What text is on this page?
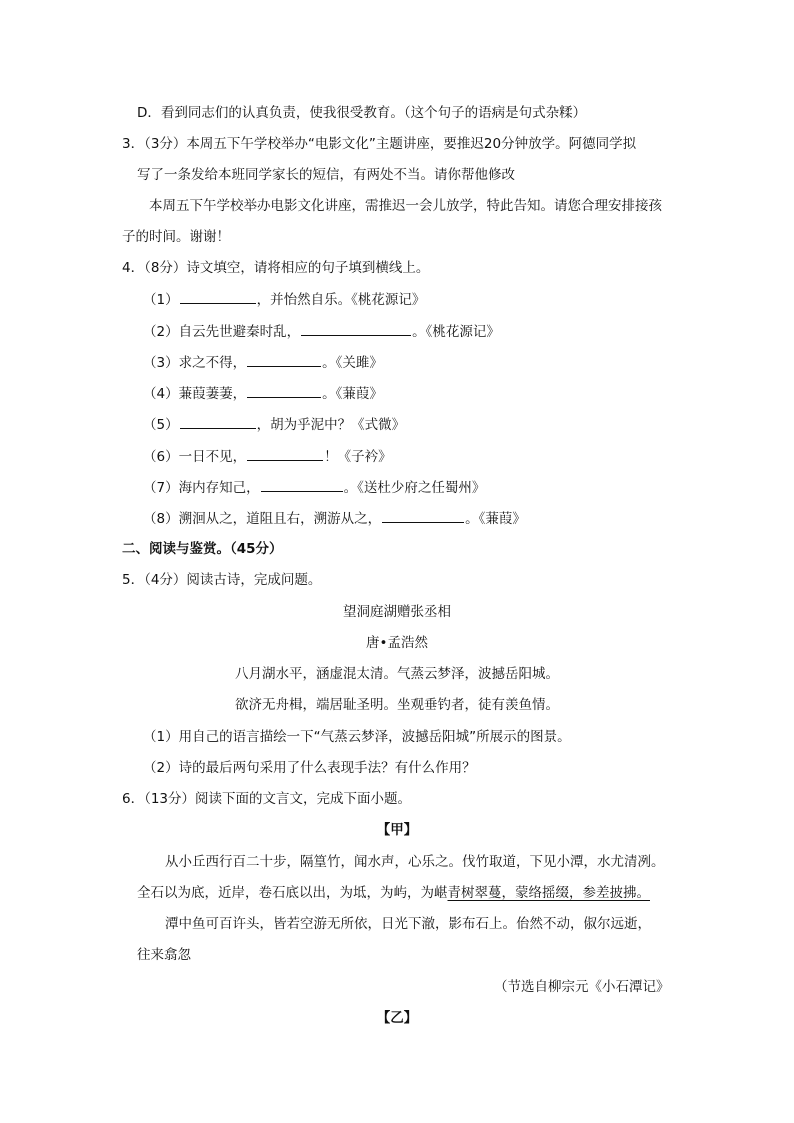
D．看到同志们的认真负责，使我很受教育。（这个句子的语病是句式杂糅）
3．（3分）本周五下午学校举办“电影文化”主题讲座，要推迟20分钟放学。阿德同学拟
写了一条发给本班同学家长的短信，有两处不当。请你帮他修改
本周五下午学校举办电影文化讲座，需推迟一会儿放学，特此告知。请您合理安排接孩
子的时间。谢谢！
4．（8分）诗文填空，请将相应的句子填到横线上。
（1）	，并怡然自乐。《桃花源记》
（2）自云先世避秦时乱，	。《桃花源记》
（3）求之不得，	。《关雎》
（4）蒹葭萋萋，	。《蒹葭》
（5）	，胡为乎泥中？《式微》
（6）一日不见，	！《子衿》
（7）海内存知己，	。《送杜少府之任蜀州》
（8）溯洄从之，道阻且右，溯游从之，	。《蒹葭》
二、阅读与鉴赏。（45分）
5．（4分）阅读古诗，完成问题。
望洞庭湖赠张丞相
唐•孟浩然
八月湖水平，涵虚混太清。气蒸云梦泽，波撼岳阳城。
欲济无舟楫，端居耻圣明。坐观垂钓者，徒有羡鱼情。
（1）用自己的语言描绘一下“气蒸云梦泽，波撼岳阳城”所展示的图景。
（2）诗的最后两句采用了什么表现手法？有什么作用？
6．（13分）阅读下面的文言文，完成下面小题。
【甲】
从小丘西行百二十步，隔篁竹，闻水声，心乐之。伐竹取道，下见小潭，水尤清冽。
全石以为底，近岸，卷石底以出，为坻，为屿，为嵁青树翠蔓，蒙络摇缀，参差披拂。
潭中鱼可百许头，皆若空游无所依，日光下澈，影布石上。佁然不动，俶尔远逝，
往来翕忽
（节选自柳宗元《小石潭记》
【乙】
